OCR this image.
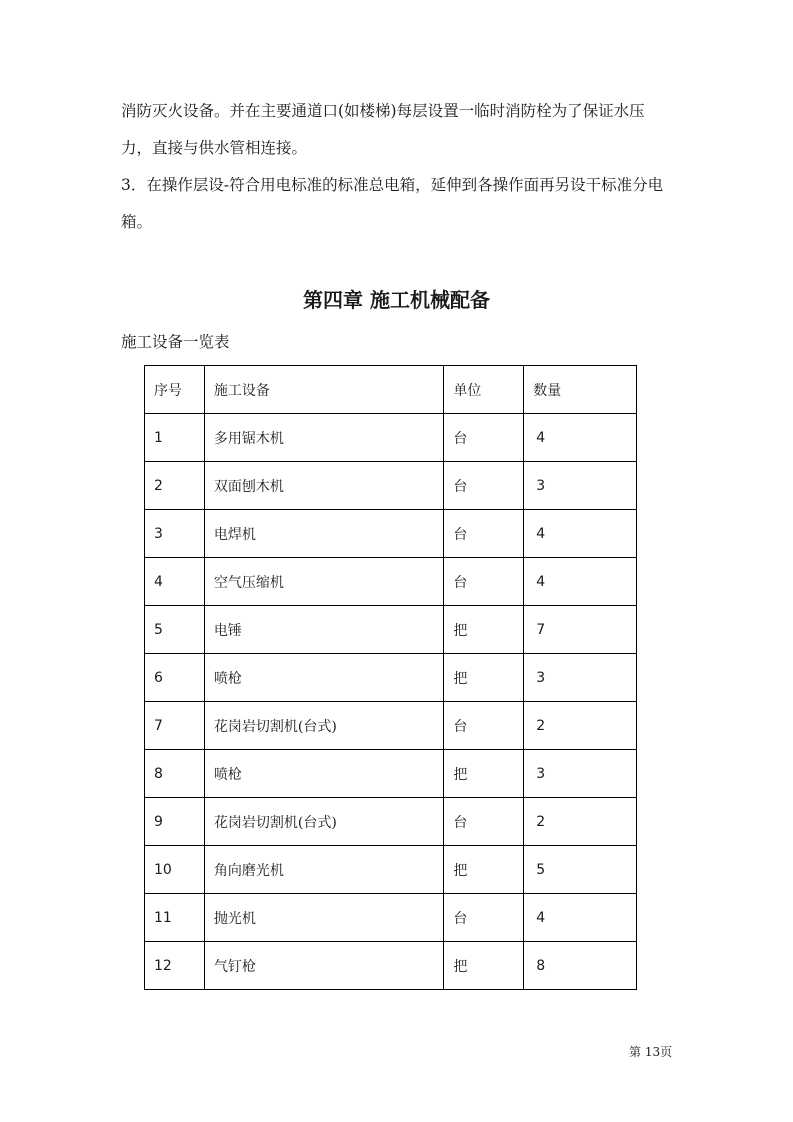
消防灭火设备。并在主要通道口(如楼梯)每层设置一临时消防栓为了保证水压
力，直接与供水管相连接。
3．在操作层设-符合用电标准的标准总电箱，延伸到各操作面再另设干标准分电
箱。
第四章 施工机械配备

施工设备一览表

序号	施工设备	单位	数量
1	多用锯木机	台	4
2	双面刨木机	台	3
3	电焊机	台	4
4	空气压缩机	台	4
5	电锤	把	7
6	喷枪	把	3
7	花岗岩切割机(台式)	台	2
8	喷枪	把	3
9	花岗岩切割机(台式)	台	2
10	角向磨光机	把	5
11	抛光机	台	4
12	气钉枪	把	8

第 13页
